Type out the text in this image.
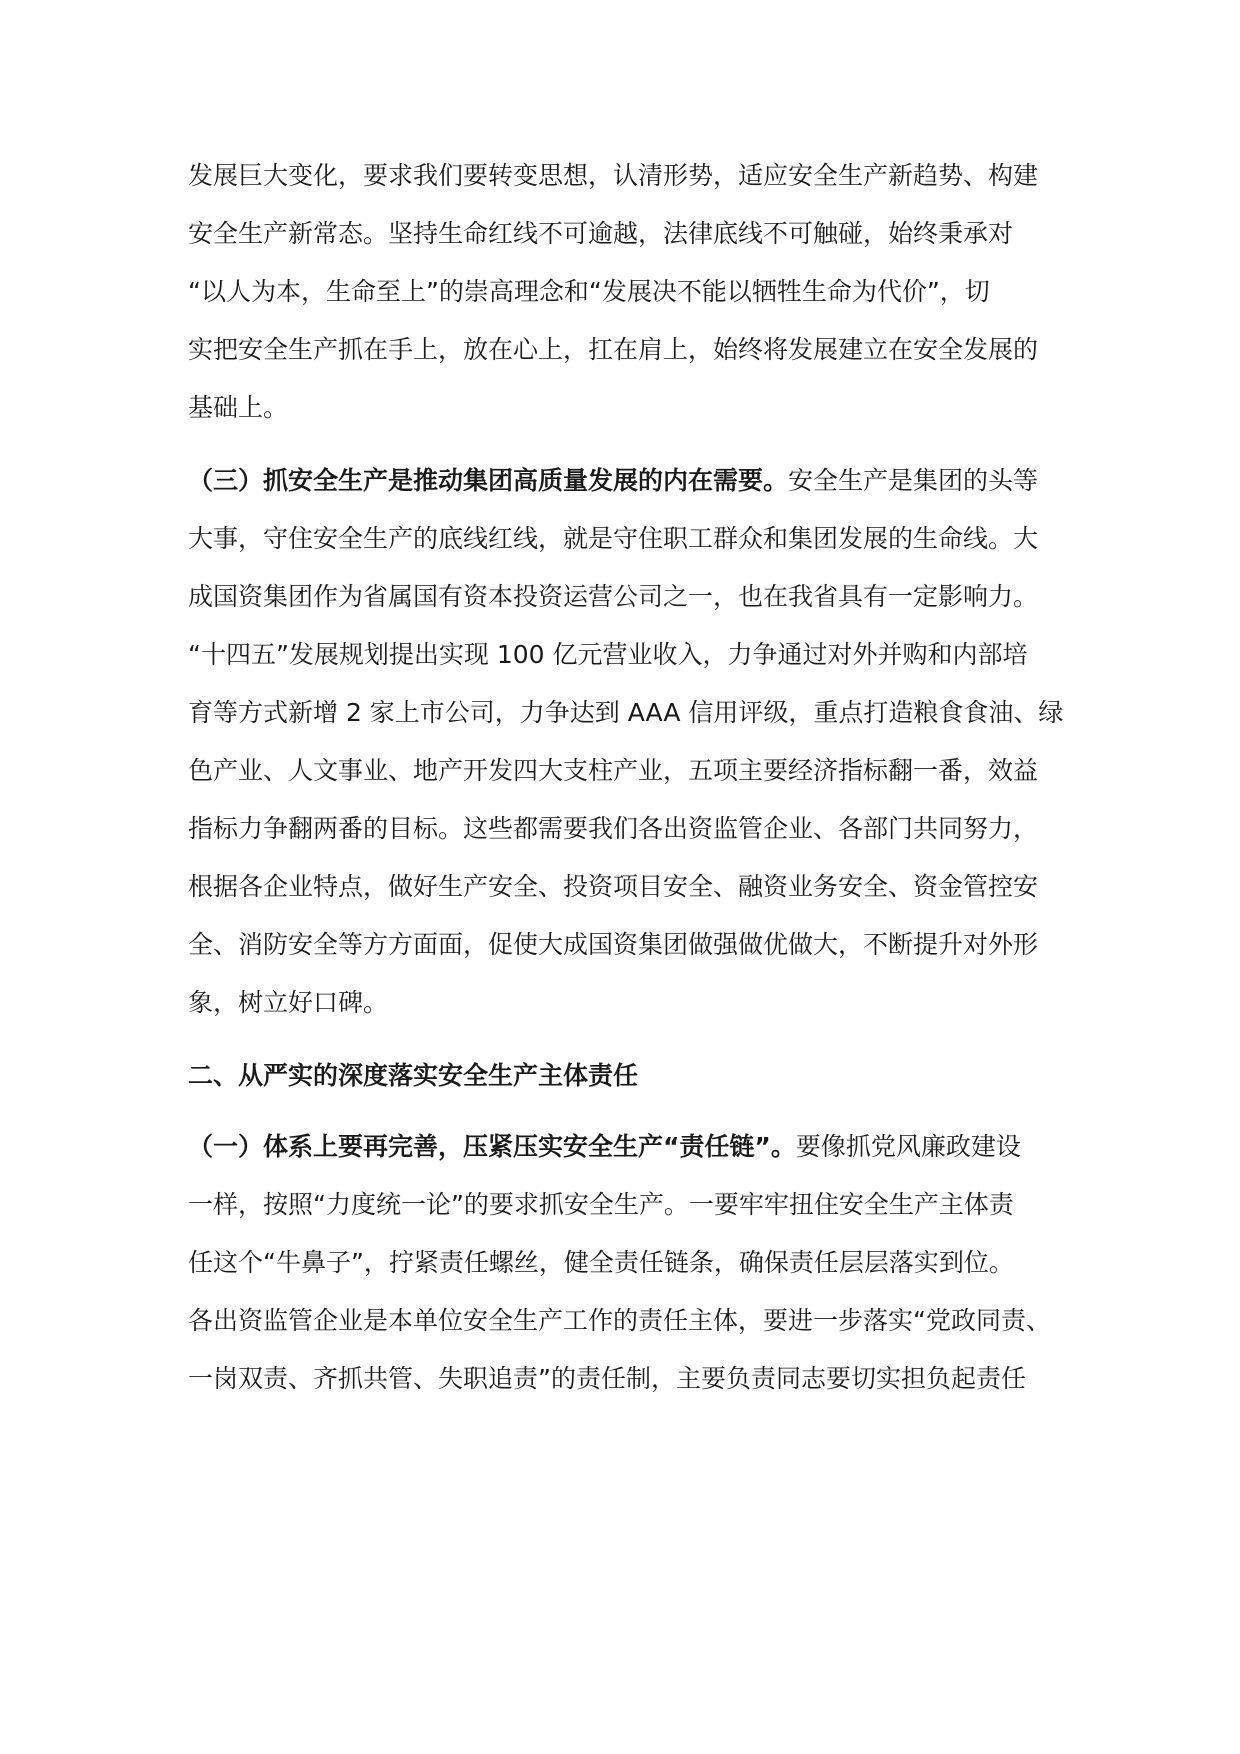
发展巨大变化，要求我们要转变思想，认清形势，适应安全生产新趋势、构建
安全生产新常态。坚持生命红线不可逾越，法律底线不可触碰，始终秉承对
“以人为本，生命至上”的崇高理念和“发展决不能以牺牲生命为代价”，切
实把安全生产抓在手上，放在心上，扛在肩上，始终将发展建立在安全发展的
基础上。
（三）抓安全生产是推动集团高质量发展的内在需要。安全生产是集团的头等
大事，守住安全生产的底线红线，就是守住职工群众和集团发展的生命线。大
成国资集团作为省属国有资本投资运营公司之一，也在我省具有一定影响力。
“十四五”发展规划提出实现 100 亿元营业收入，力争通过对外并购和内部培
育等方式新增 2 家上市公司，力争达到 AAA 信用评级，重点打造粮食食油、绿
色产业、人文事业、地产开发四大支柱产业，五项主要经济指标翻一番，效益
指标力争翻两番的目标。这些都需要我们各出资监管企业、各部门共同努力，
根据各企业特点，做好生产安全、投资项目安全、融资业务安全、资金管控安
全、消防安全等方方面面，促使大成国资集团做强做优做大，不断提升对外形
象，树立好口碑。
二、从严实的深度落实安全生产主体责任
（一）体系上要再完善，压紧压实安全生产“责任链”。要像抓党风廉政建设
一样，按照“力度统一论”的要求抓安全生产。一要牢牢扭住安全生产主体责
任这个“牛鼻子”，拧紧责任螺丝，健全责任链条，确保责任层层落实到位。
各出资监管企业是本单位安全生产工作的责任主体，要进一步落实“党政同责、
一岗双责、齐抓共管、失职追责”的责任制，主要负责同志要切实担负起责任
